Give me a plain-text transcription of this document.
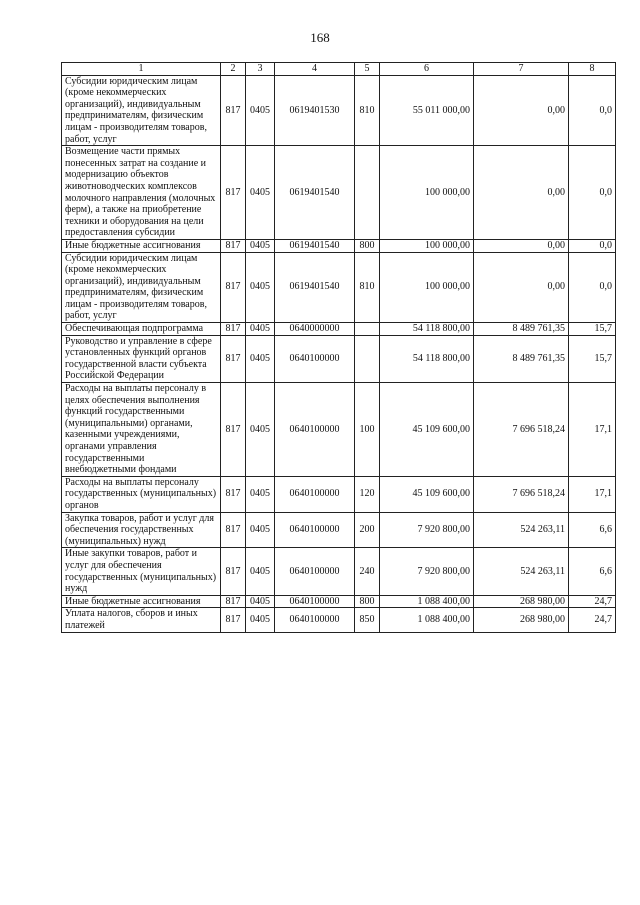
168
1	2	3	4	5	6	7	8
Субсидии юридическим лицам (кроме некоммерческих организаций), индивидуальным предпринимателям, физическим лицам - производителям товаров, работ, услуг	817	0405	0619401530	810	55 011 000,00	0,00	0,0
Возмещение части прямых понесенных затрат на создание и модернизацию объектов животноводческих комплексов молочного направления (молочных ферм), а также на приобретение техники и оборудования на цели предоставления субсидии	817	0405	0619401540		100 000,00	0,00	0,0
Иные бюджетные ассигнования	817	0405	0619401540	800	100 000,00	0,00	0,0
Субсидии юридическим лицам (кроме некоммерческих организаций), индивидуальным предпринимателям, физическим лицам - производителям товаров, работ, услуг	817	0405	0619401540	810	100 000,00	0,00	0,0
Обеспечивающая подпрограмма	817	0405	0640000000		54 118 800,00	8 489 761,35	15,7
Руководство и управление в сфере установленных функций органов государственной власти субъекта Российской Федерации	817	0405	0640100000		54 118 800,00	8 489 761,35	15,7
Расходы на выплаты персоналу в целях обеспечения выполнения функций государственными (муниципальными) органами, казенными учреждениями, органами управления государственными внебюджетными фондами	817	0405	0640100000	100	45 109 600,00	7 696 518,24	17,1
Расходы на выплаты персоналу государственных (муниципальных) органов	817	0405	0640100000	120	45 109 600,00	7 696 518,24	17,1
Закупка товаров, работ и услуг для обеспечения государственных (муниципальных) нужд	817	0405	0640100000	200	7 920 800,00	524 263,11	6,6
Иные закупки товаров, работ и услуг для обеспечения государственных (муниципальных) нужд	817	0405	0640100000	240	7 920 800,00	524 263,11	6,6
Иные бюджетные ассигнования	817	0405	0640100000	800	1 088 400,00	268 980,00	24,7
Уплата налогов, сборов и иных платежей	817	0405	0640100000	850	1 088 400,00	268 980,00	24,7
